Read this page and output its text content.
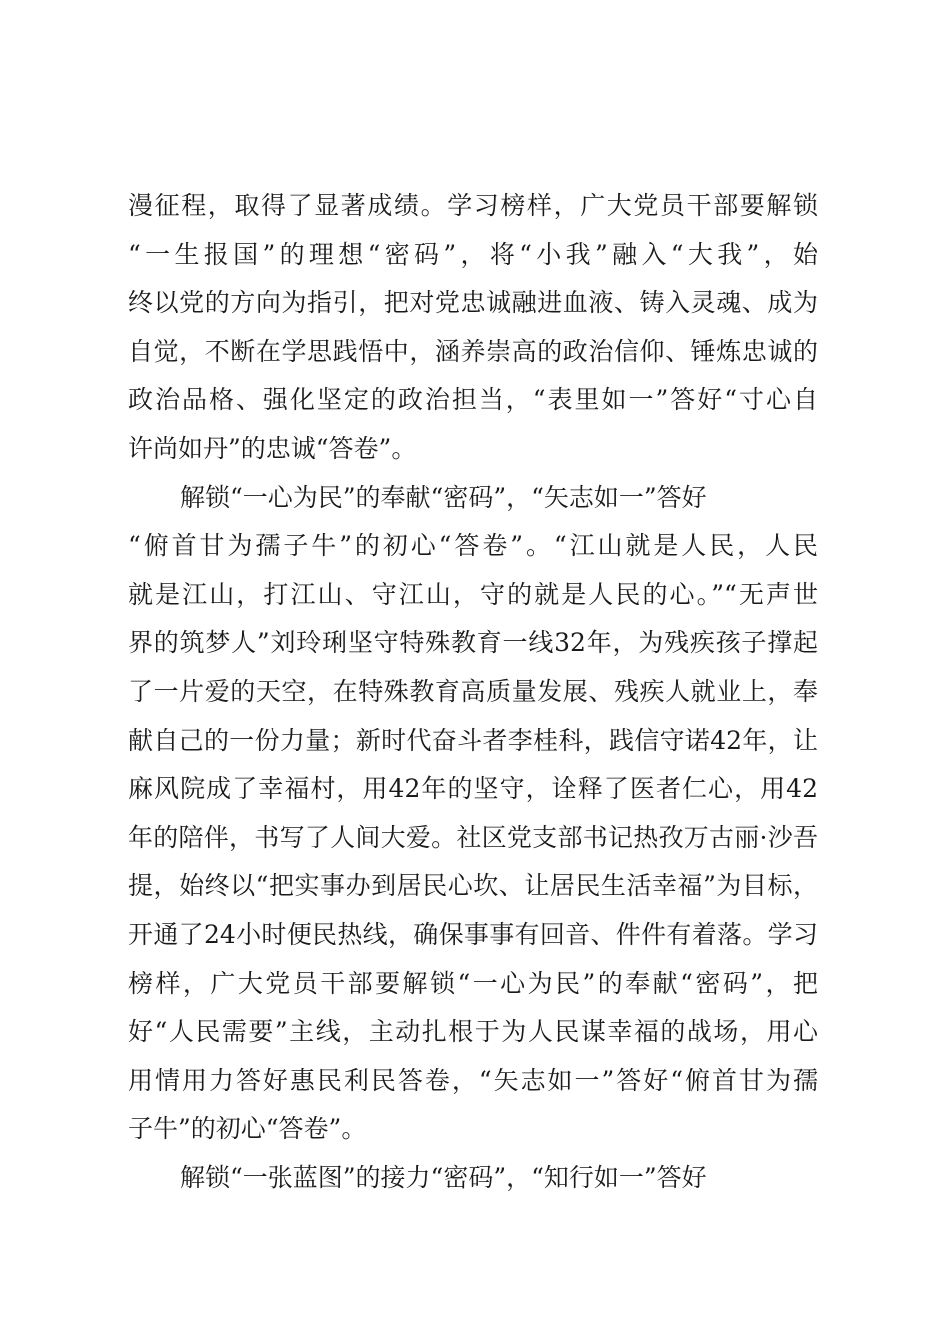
漫征程，取得了显著成绩。学习榜样，广大党员干部要解锁
“一生报国”的理想“密码”，将“小我”融入“大我”，始
终以党的方向为指引，把对党忠诚融进血液、铸入灵魂、成为
自觉，不断在学思践悟中，涵养崇高的政治信仰、锤炼忠诚的
政治品格、强化坚定的政治担当，“表里如一”答好“寸心自
许尚如丹”的忠诚“答卷”。
解锁“一心为民”的奉献“密码”，“矢志如一”答好
“俯首甘为孺子牛”的初心“答卷”。“江山就是人民，人民
就是江山，打江山、守江山，守的就是人民的心。”“无声世
界的筑梦人”刘玲琍坚守特殊教育一线32年，为残疾孩子撑起
了一片爱的天空，在特殊教育高质量发展、残疾人就业上，奉
献自己的一份力量；新时代奋斗者李桂科，践信守诺42年，让
麻风院成了幸福村，用42年的坚守，诠释了医者仁心，用42
年的陪伴，书写了人间大爱。社区党支部书记热孜万古丽·沙吾
提，始终以“把实事办到居民心坎、让居民生活幸福”为目标，
开通了24小时便民热线，确保事事有回音、件件有着落。学习
榜样，广大党员干部要解锁“一心为民”的奉献“密码”，把
好“人民需要”主线，主动扎根于为人民谋幸福的战场，用心
用情用力答好惠民利民答卷，“矢志如一”答好“俯首甘为孺
子牛”的初心“答卷”。
解锁“一张蓝图”的接力“密码”，“知行如一”答好
